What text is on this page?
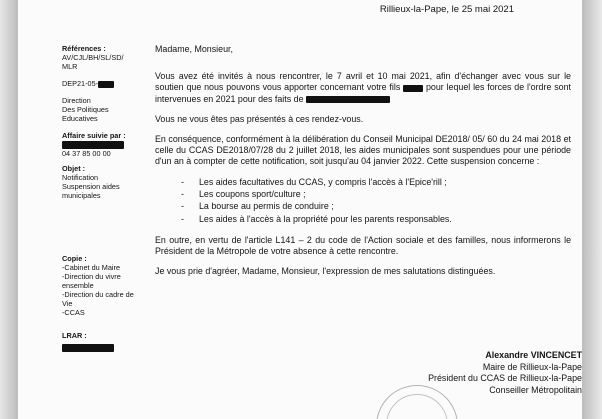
Rillieux-la-Pape, le 25 mai 2021
Références :
AV/CJL/BH/SL/SD/
MLR
DEP21-05-
Direction
Des Politiques
Educatives
Affaire suivie par :
04 37 85 00 00
Objet :
Notification
Suspension aides
municipales
Copie :
-Cabinet du Maire
-Direction du vivre
ensemble
-Direction du cadre de
Vie
-CCAS
LRAR :

Madame, Monsieur,

Vous avez été invités à nous rencontrer, le 7 avril et 10 mai 2021, afin d'échanger avec vous sur le soutien que nous pouvons vous apporter concernant votre fils	pour lequel les forces de l'ordre sont intervenues en 2021 pour des faits de

Vous ne vous êtes pas présentés à ces rendez-vous.

En conséquence, conformément à la délibération du Conseil Municipal DE2018/ 05/ 60 du 24 mai 2018 et celle du CCAS DE2018/07/28 du 2 juillet 2018, les aides municipales sont suspendues pour une période d'un an à compter de cette notification, soit jusqu'au 04 janvier 2022. Cette suspension concerne :

- Les aides facultatives du CCAS, y compris l'accès à l'Epice'rill ;
- Les coupons sport/culture ;
- La bourse au permis de conduire ;
- Les aides à l'accès à la propriété pour les parents responsables.

En outre, en vertu de l'article L141 – 2 du code de l'Action sociale et des familles, nous informerons le Président de la Métropole de votre absence à cette rencontre.

Je vous prie d'agréer, Madame, Monsieur, l'expression de mes salutations distinguées.

Alexandre VINCENCET
Maire de Rillieux-la-Pape
Président du CCAS de Rillieux-la-Pape
Conseiller Métropolitain
